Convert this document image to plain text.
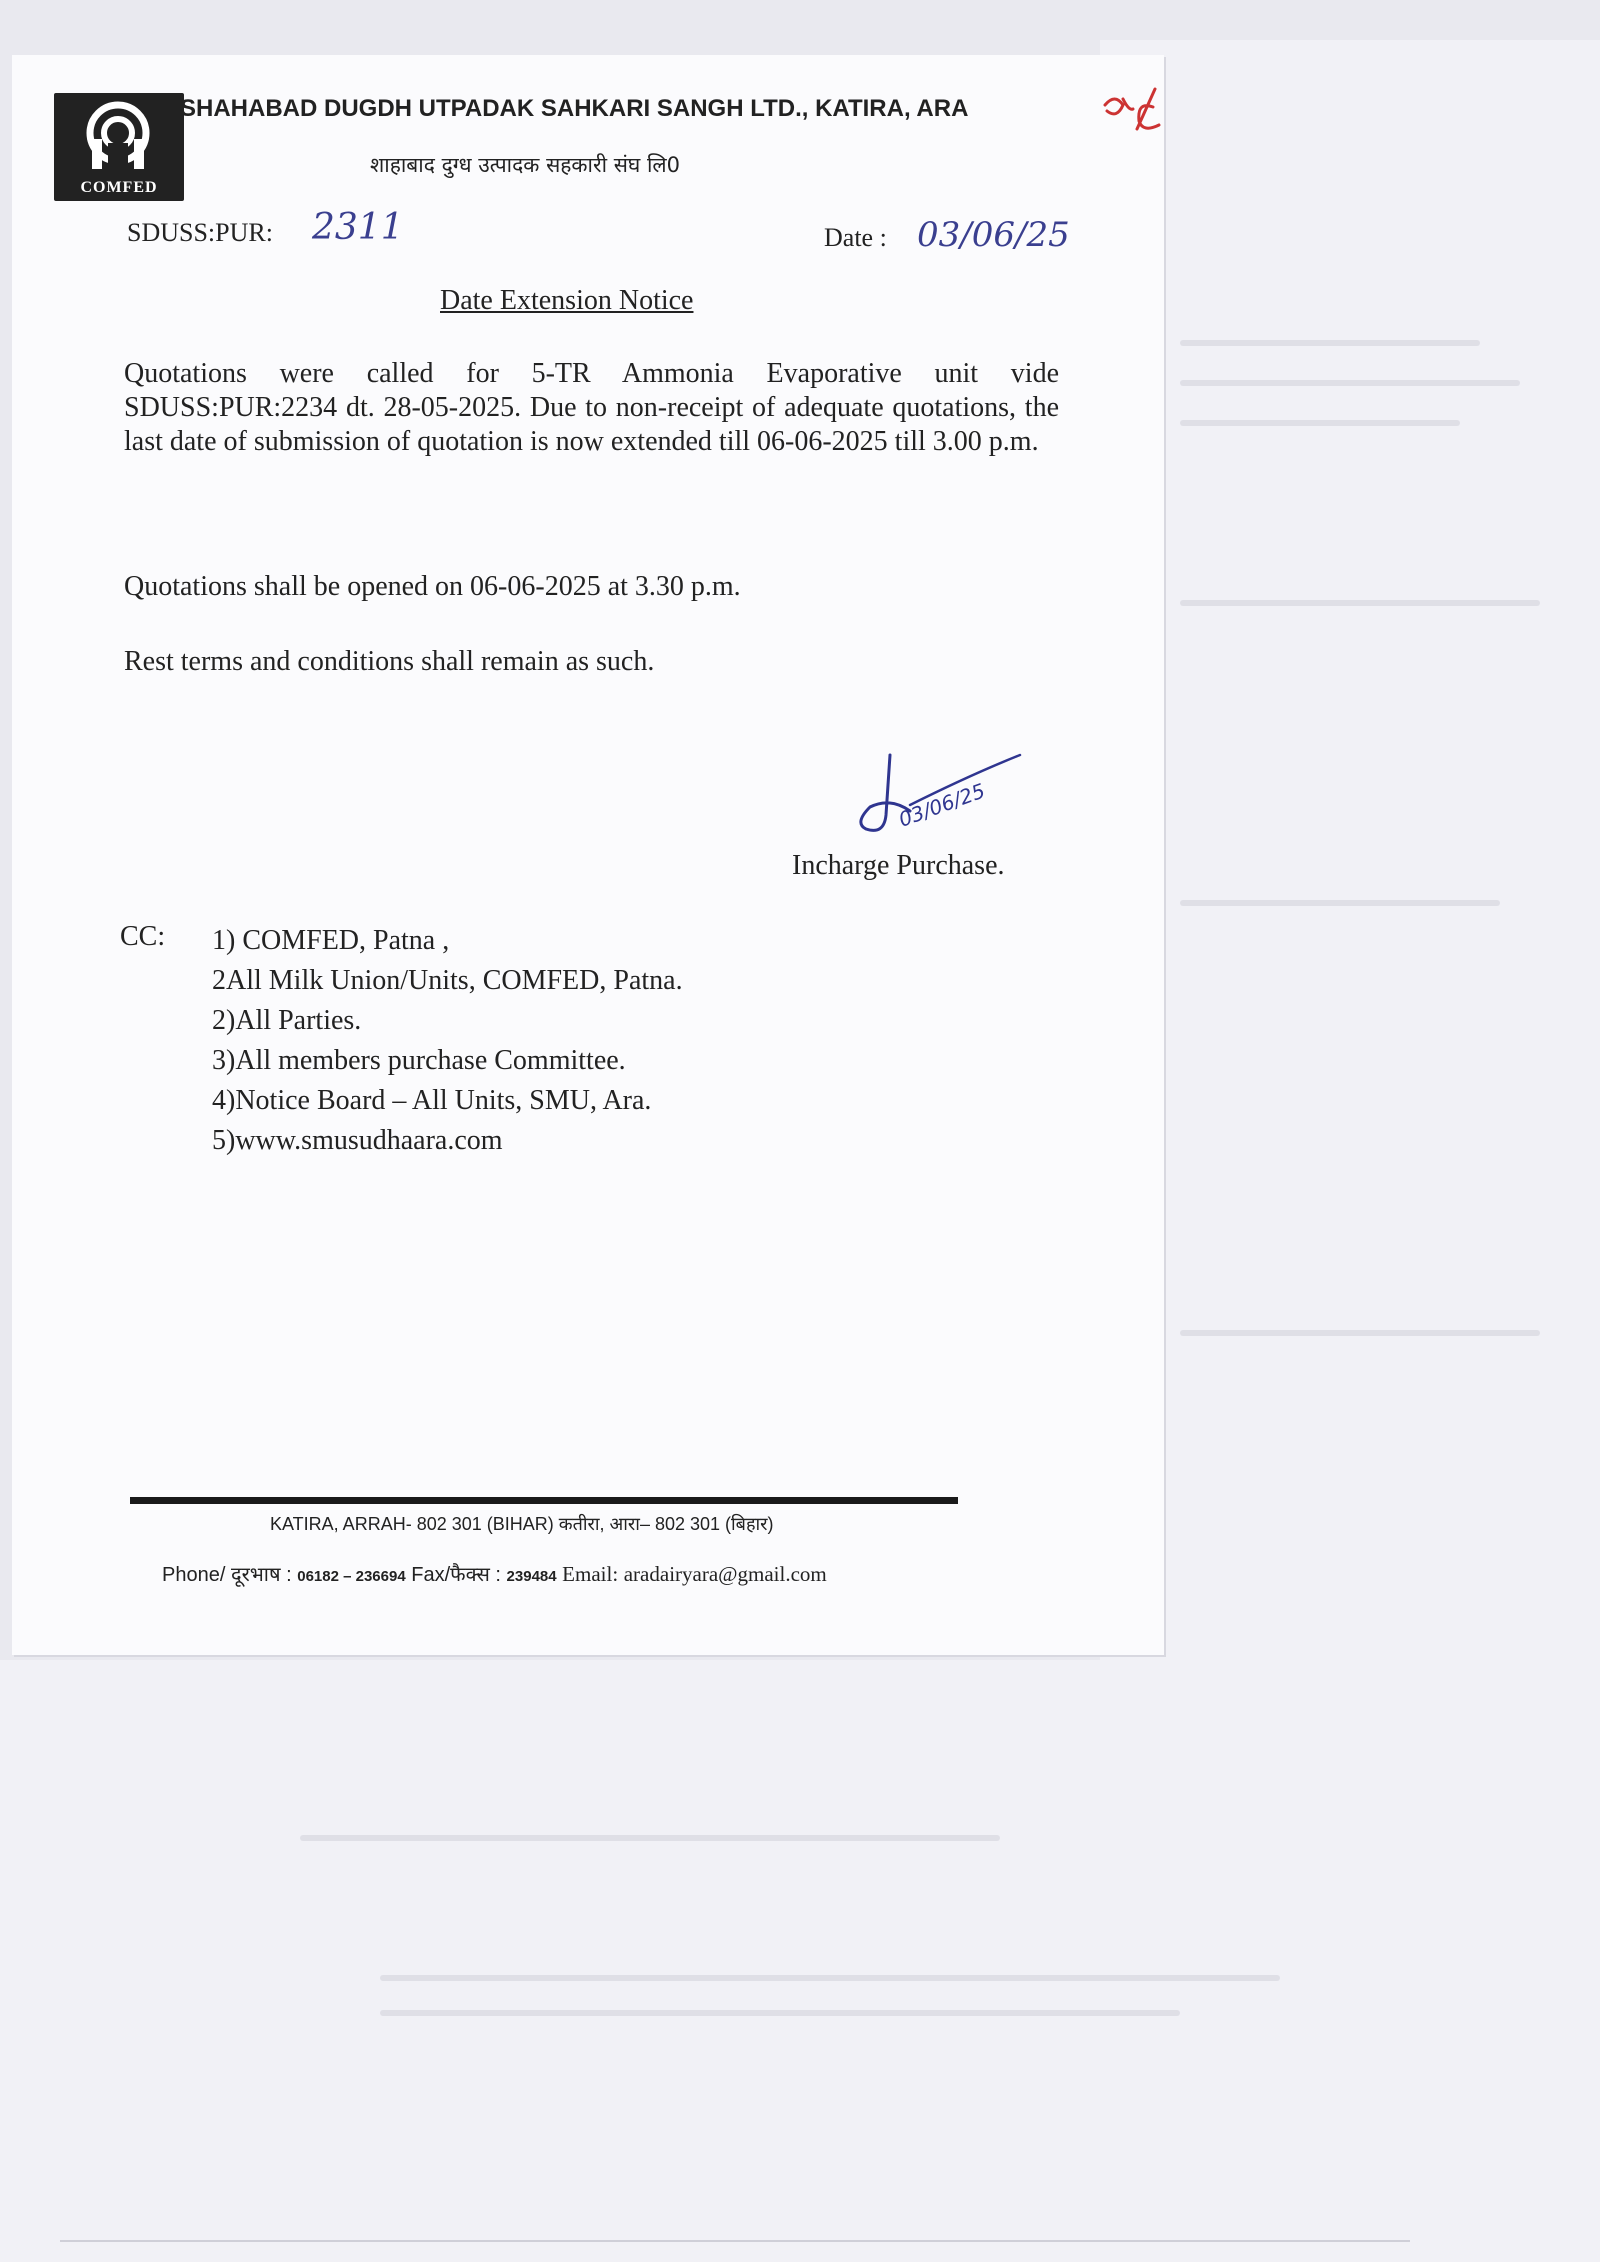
COMFED
SHAHABAD DUGDH UTPADAK SAHKARI SANGH LTD., KATIRA, ARA
शाहाबाद दुग्ध उत्पादक सहकारी संघ लि0
SDUSS:PUR: 2311	Date : 03/06/25
Date Extension Notice
Quotations were called for 5-TR Ammonia Evaporative unit vide SDUSS:PUR:2234 dt. 28-05-2025. Due to non-receipt of adequate quotations, the last date of submission of quotation is now extended till 06-06-2025 till 3.00 p.m.
Quotations shall be opened on 06-06-2025 at 3.30 p.m.
Rest terms and conditions shall remain as such.
03/06/25
Incharge Purchase.
CC: 1) COMFED, Patna ,
2All Milk Union/Units, COMFED, Patna.
2)All Parties.
3)All members purchase Committee.
4)Notice Board – All Units, SMU, Ara.
5)www.smusudhaara.com
KATIRA, ARRAH- 802 301 (BIHAR) कतीरा, आरा– 802 301 (बिहार)
Phone/ दूरभाष : 06182 – 236694 Fax/फैक्स : 239484 Email: aradairyara@gmail.com
